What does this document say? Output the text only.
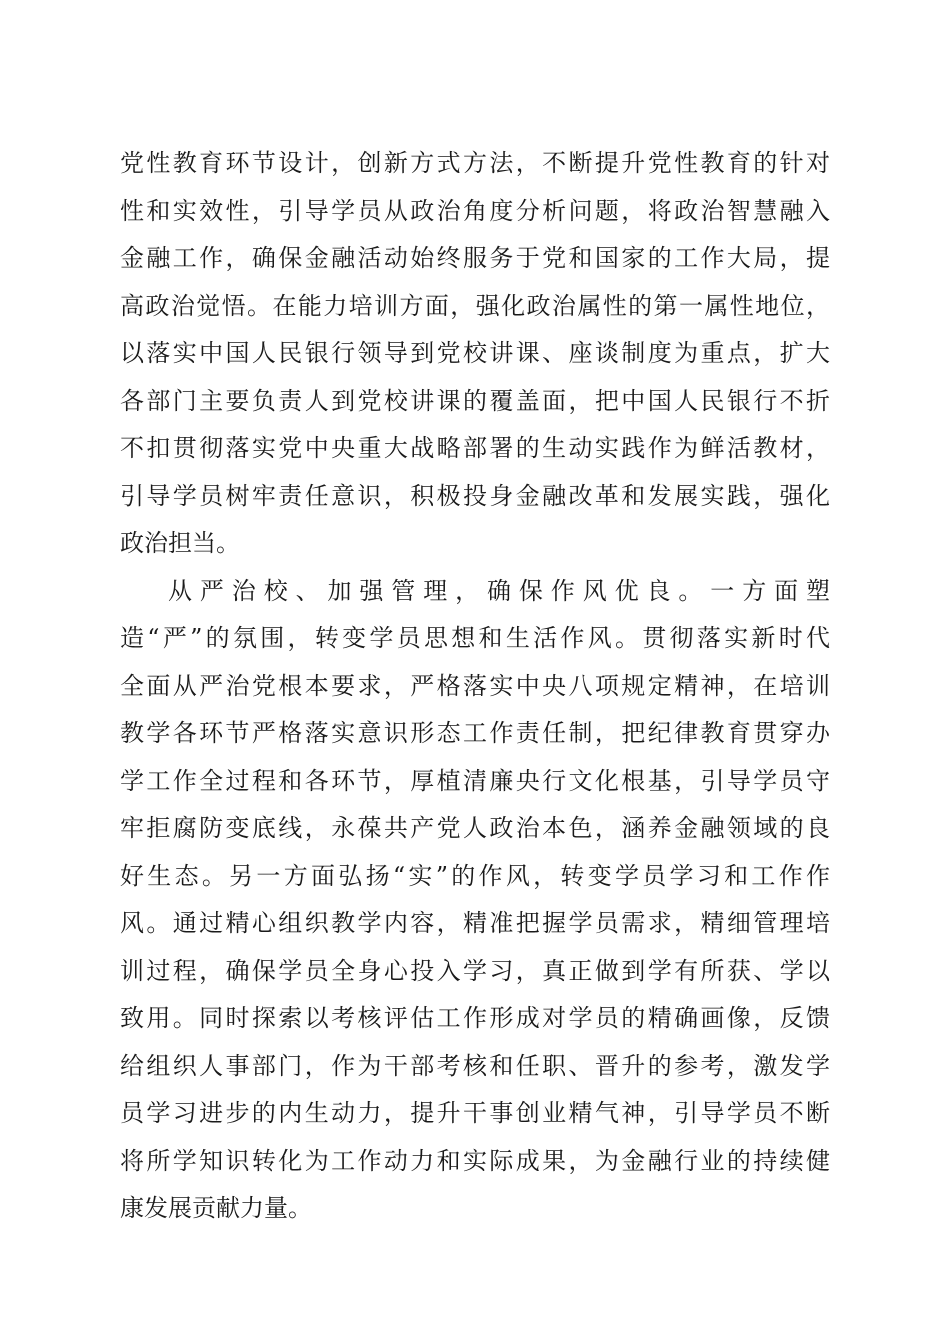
党性教育环节设计，创新方式方法，不断提升党性教育的针对
性和实效性，引导学员从政治角度分析问题，将政治智慧融入
金融工作，确保金融活动始终服务于党和国家的工作大局，提
高政治觉悟。在能力培训方面，强化政治属性的第一属性地位，
以落实中国人民银行领导到党校讲课、座谈制度为重点，扩大
各部门主要负责人到党校讲课的覆盖面，把中国人民银行不折
不扣贯彻落实党中央重大战略部署的生动实践作为鲜活教材，
引导学员树牢责任意识，积极投身金融改革和发展实践，强化
政治担当。
从严治校、加强管理，确保作风优良。一方面塑
造“严”的氛围，转变学员思想和生活作风。贯彻落实新时代
全面从严治党根本要求，严格落实中央八项规定精神，在培训
教学各环节严格落实意识形态工作责任制，把纪律教育贯穿办
学工作全过程和各环节，厚植清廉央行文化根基，引导学员守
牢拒腐防变底线，永葆共产党人政治本色，涵养金融领域的良
好生态。另一方面弘扬“实”的作风，转变学员学习和工作作
风。通过精心组织教学内容，精准把握学员需求，精细管理培
训过程，确保学员全身心投入学习，真正做到学有所获、学以
致用。同时探索以考核评估工作形成对学员的精确画像，反馈
给组织人事部门，作为干部考核和任职、晋升的参考，激发学
员学习进步的内生动力，提升干事创业精气神，引导学员不断
将所学知识转化为工作动力和实际成果，为金融行业的持续健
康发展贡献力量。
